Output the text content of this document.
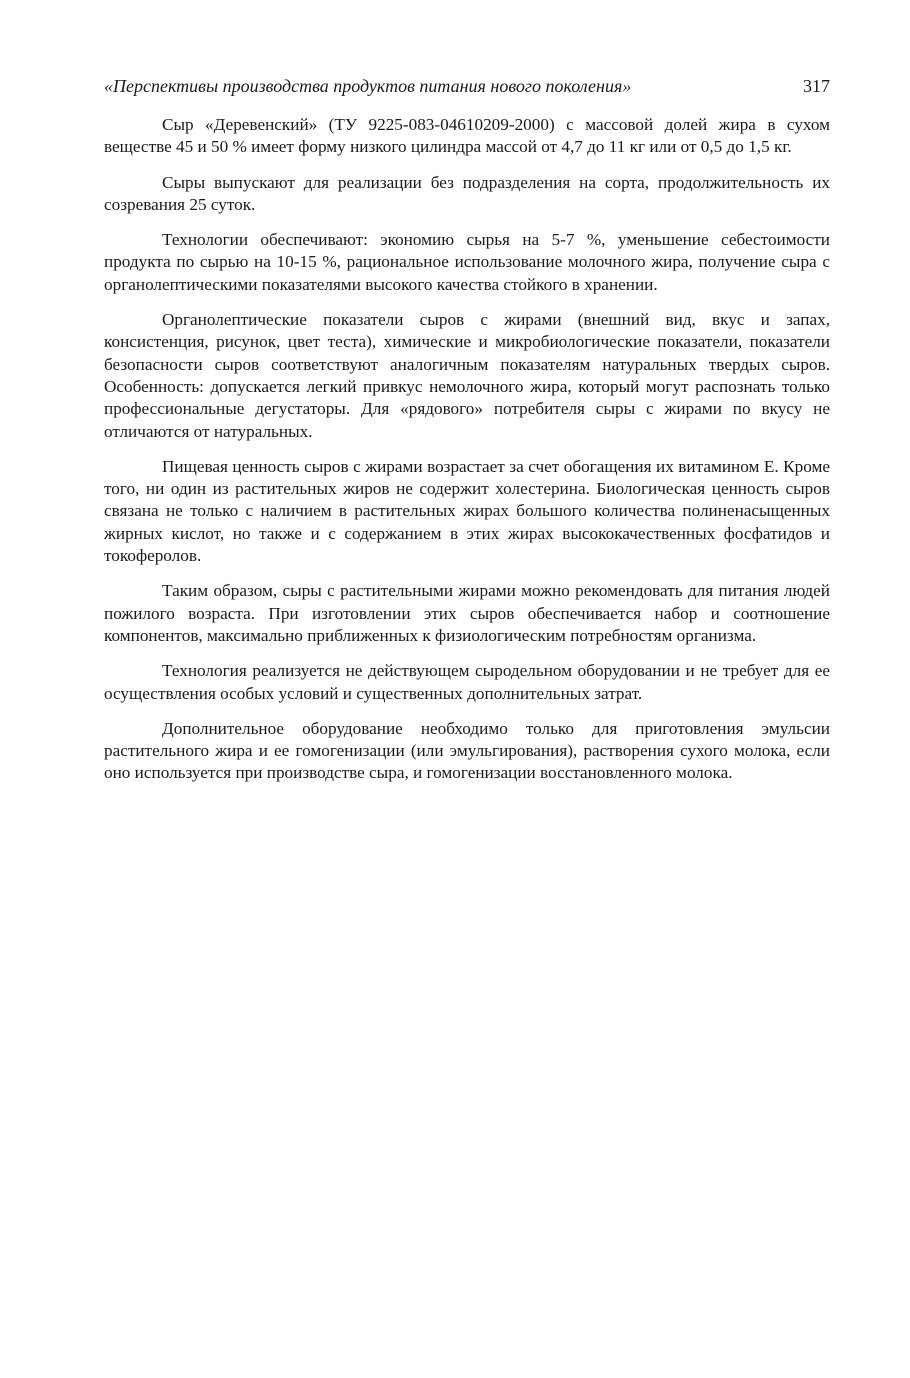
«Перспективы производства продуктов питания нового поколения»	317

Сыр «Деревенский» (ТУ 9225-083-04610209-2000) с массовой долей жира в сухом веществе 45 и 50 % имеет форму низкого цилиндра массой от 4,7 до 11 кг или от 0,5 до 1,5 кг.

Сыры выпускают для реализации без подразделения на сорта, продолжительность их созревания 25 суток.

Технологии обеспечивают: экономию сырья на 5-7 %, уменьшение себестоимости продукта по сырью на 10-15 %, рациональное использование молочного жира, получение сыра с органолептическими показателями высокого качества стойкого в хранении.

Органолептические показатели сыров с жирами (внешний вид, вкус и запах, консистенция, рисунок, цвет теста), химические и микробиологические показатели, показатели безопасности сыров соответствуют аналогичным показателям натуральных твердых сыров. Особенность: допускается легкий привкус немолочного жира, который могут распознать только профессиональные дегустаторы. Для «рядового» потребителя сыры с жирами по вкусу не отличаются от натуральных.

Пищевая ценность сыров с жирами возрастает за счет обогащения их витамином Е. Кроме того, ни один из растительных жиров не содержит холестерина. Биологическая ценность сыров связана не только с наличием в растительных жирах большого количества полиненасыщенных жирных кислот, но также и с содержанием в этих жирах высококачественных фосфатидов и токоферолов.

Таким образом, сыры с растительными жирами можно рекомендовать для питания людей пожилого возраста. При изготовлении этих сыров обеспечивается набор и соотношение компонентов, максимально приближенных к физиологическим потребностям организма.

Технология реализуется не действующем сыродельном оборудовании и не требует для ее осуществления особых условий и существенных дополнительных затрат.

Дополнительное оборудование необходимо только для приготовления эмульсии растительного жира и ее гомогенизации (или эмульгирования), растворения сухого молока, если оно используется при производстве сыра, и гомогенизации восстановленного молока.
